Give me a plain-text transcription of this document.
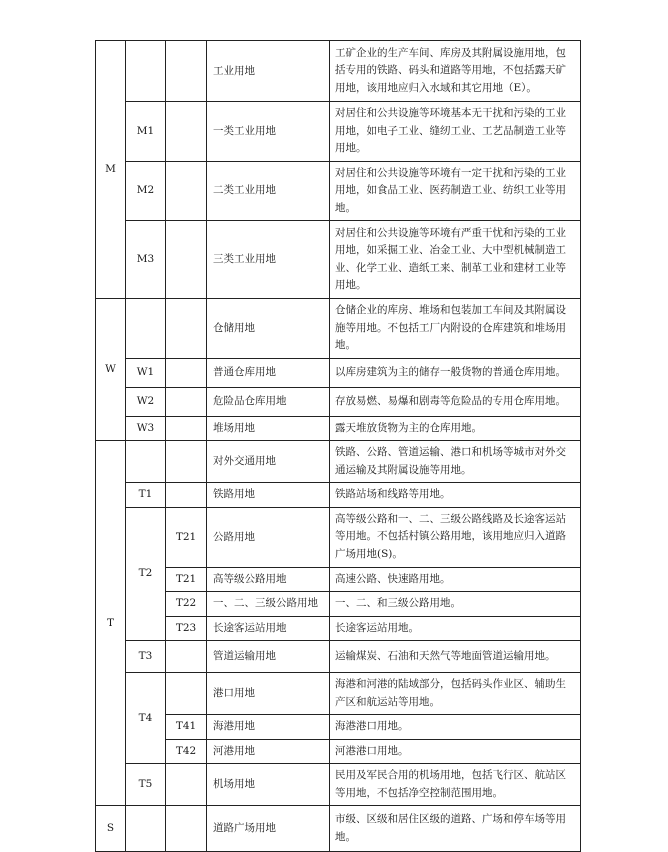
M			工业用地	工矿企业的生产车间、库房及其附属设施用地，包括专用的铁路、码头和道路等用地，不包括露天矿用地，该用地应归入水域和其它用地（E）。
	M1		一类工业用地	对居住和公共设施等环境基本无干扰和污染的工业用地，如电子工业、缝纫工业、工艺品制造工业等用地。
	M2		二类工业用地	对居住和公共设施等环境有一定干扰和污染的工业用地，如食品工业、医药制造工业、纺织工业等用地。
	M3		三类工业用地	对居住和公共设施等环境有严重干忧和污染的工业用地，如采掘工业、冶金工业、大中型机械制造工业、化学工业、造纸工来、制革工业和建材工业等用地。
W			仓储用地	仓储企业的库房、堆场和包装加工车间及其附属设施等用地。不包括工厂内附设的仓库建筑和堆场用地。
	W1		普通仓库用地	以库房建筑为主的储存一般货物的普通仓库用地。
	W2		危险品仓库用地	存放易燃、易爆和剧毒等危险品的专用仓库用地。
	W3		堆场用地	露天堆放货物为主的仓库用地。
T			对外交通用地	铁路、公路、管道运输、港口和机场等城市对外交通运输及其附属设施等用地。
	T1		铁路用地	铁路站场和线路等用地。
	T2	T21	公路用地	高等级公路和一、二、三级公路线路及长途客运站等用地。不包括村镇公路用地，该用地应归入道路广场用地(S)。
		T21	高等级公路用地	高速公路、快速路用地。
		T22	一、二、三级公路用地	一、二、和三级公路用地。
		T23	长途客运站用地	长途客运站用地。
	T3		管道运输用地	运输煤炭、石油和天然气等地面管道运输用地。
	T4		港口用地	海港和河港的陆域部分，包括码头作业区、辅助生产区和航运站等用地。
		T41	海港用地	海港港口用地。
		T42	河港用地	河港港口用地。
	T5		机场用地	民用及军民合用的机场用地，包括飞行区、航站区等用地，不包括净空控制范围用地。
S			道路广场用地	市级、区级和居住区级的道路、广场和停车场等用地。
